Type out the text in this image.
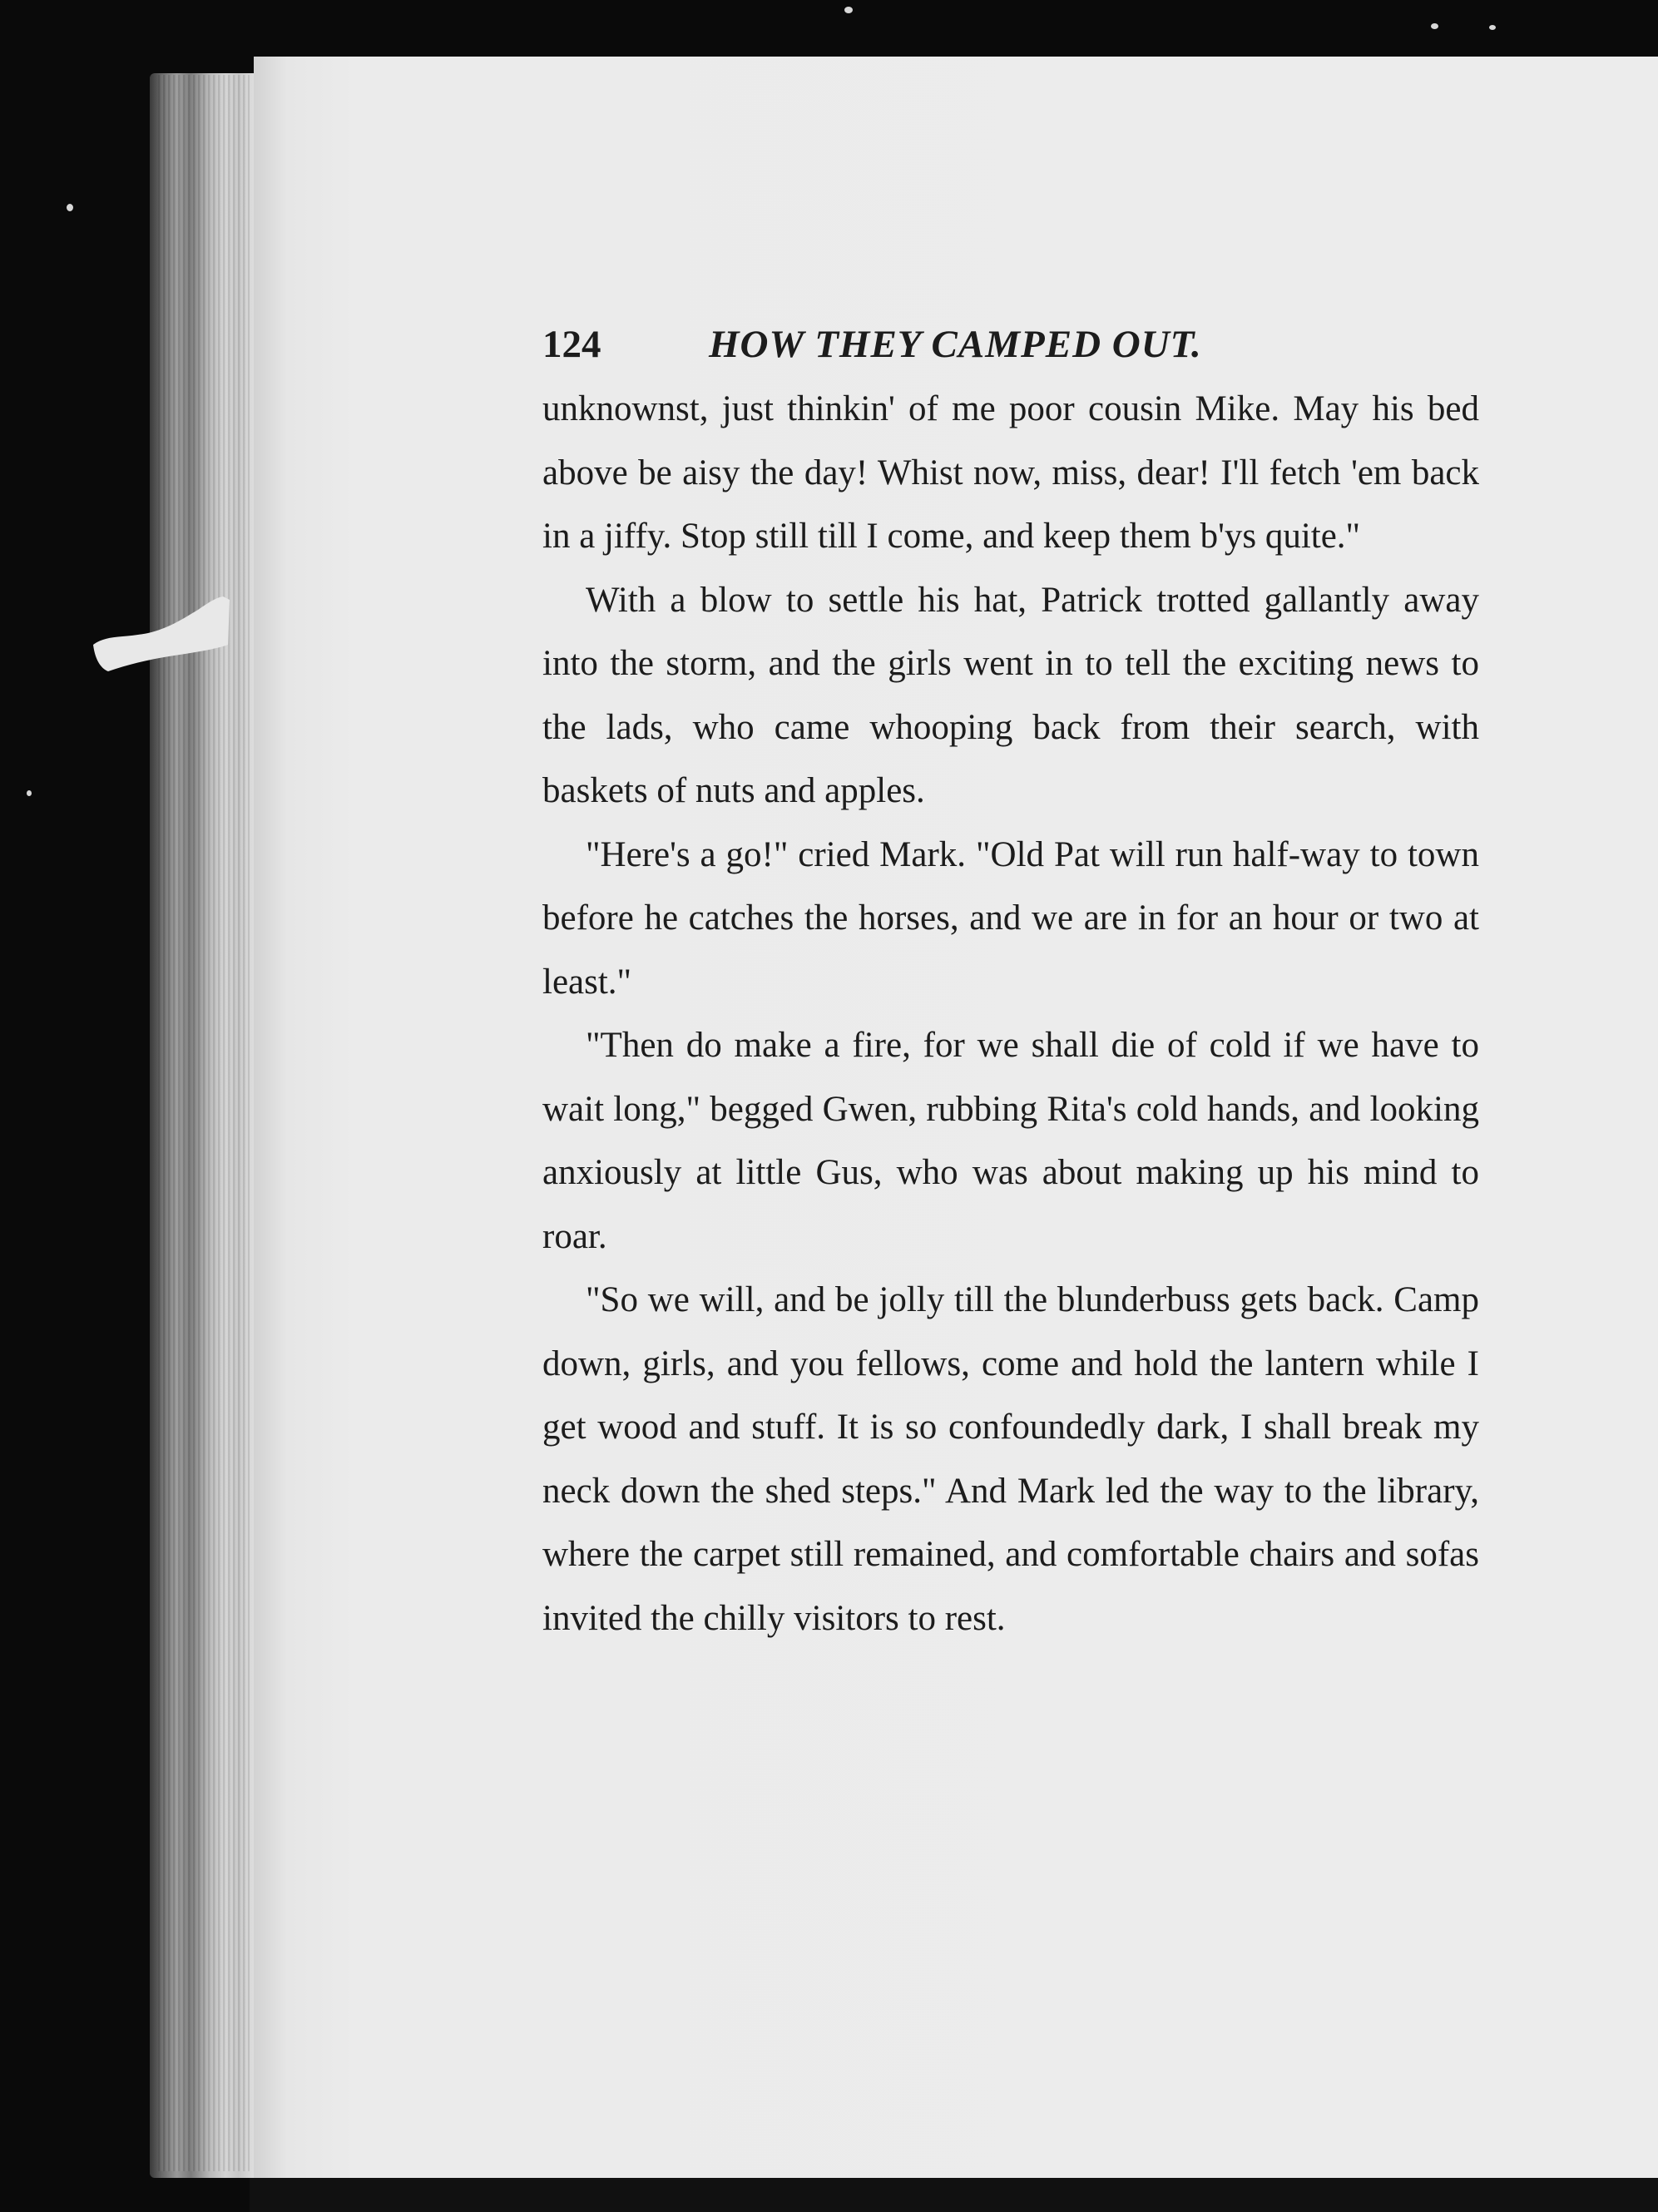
124	HOW THEY CAMPED OUT.

unknownst, just thinkin' of me poor cousin Mike. May his bed above be aisy the day! Whist now, miss, dear! I'll fetch 'em back in a jiffy. Stop still till I come, and keep them b'ys quite."

With a blow to settle his hat, Patrick trotted gallantly away into the storm, and the girls went in to tell the exciting news to the lads, who came whooping back from their search, with baskets of nuts and apples.

"Here's a go!" cried Mark. "Old Pat will run half-way to town before he catches the horses, and we are in for an hour or two at least."

"Then do make a fire, for we shall die of cold if we have to wait long," begged Gwen, rubbing Rita's cold hands, and looking anxiously at little Gus, who was about making up his mind to roar.

"So we will, and be jolly till the blunderbuss gets back. Camp down, girls, and you fellows, come and hold the lantern while I get wood and stuff. It is so confoundedly dark, I shall break my neck down the shed steps." And Mark led the way to the library, where the carpet still remained, and comfortable chairs and sofas invited the chilly visitors to rest.
